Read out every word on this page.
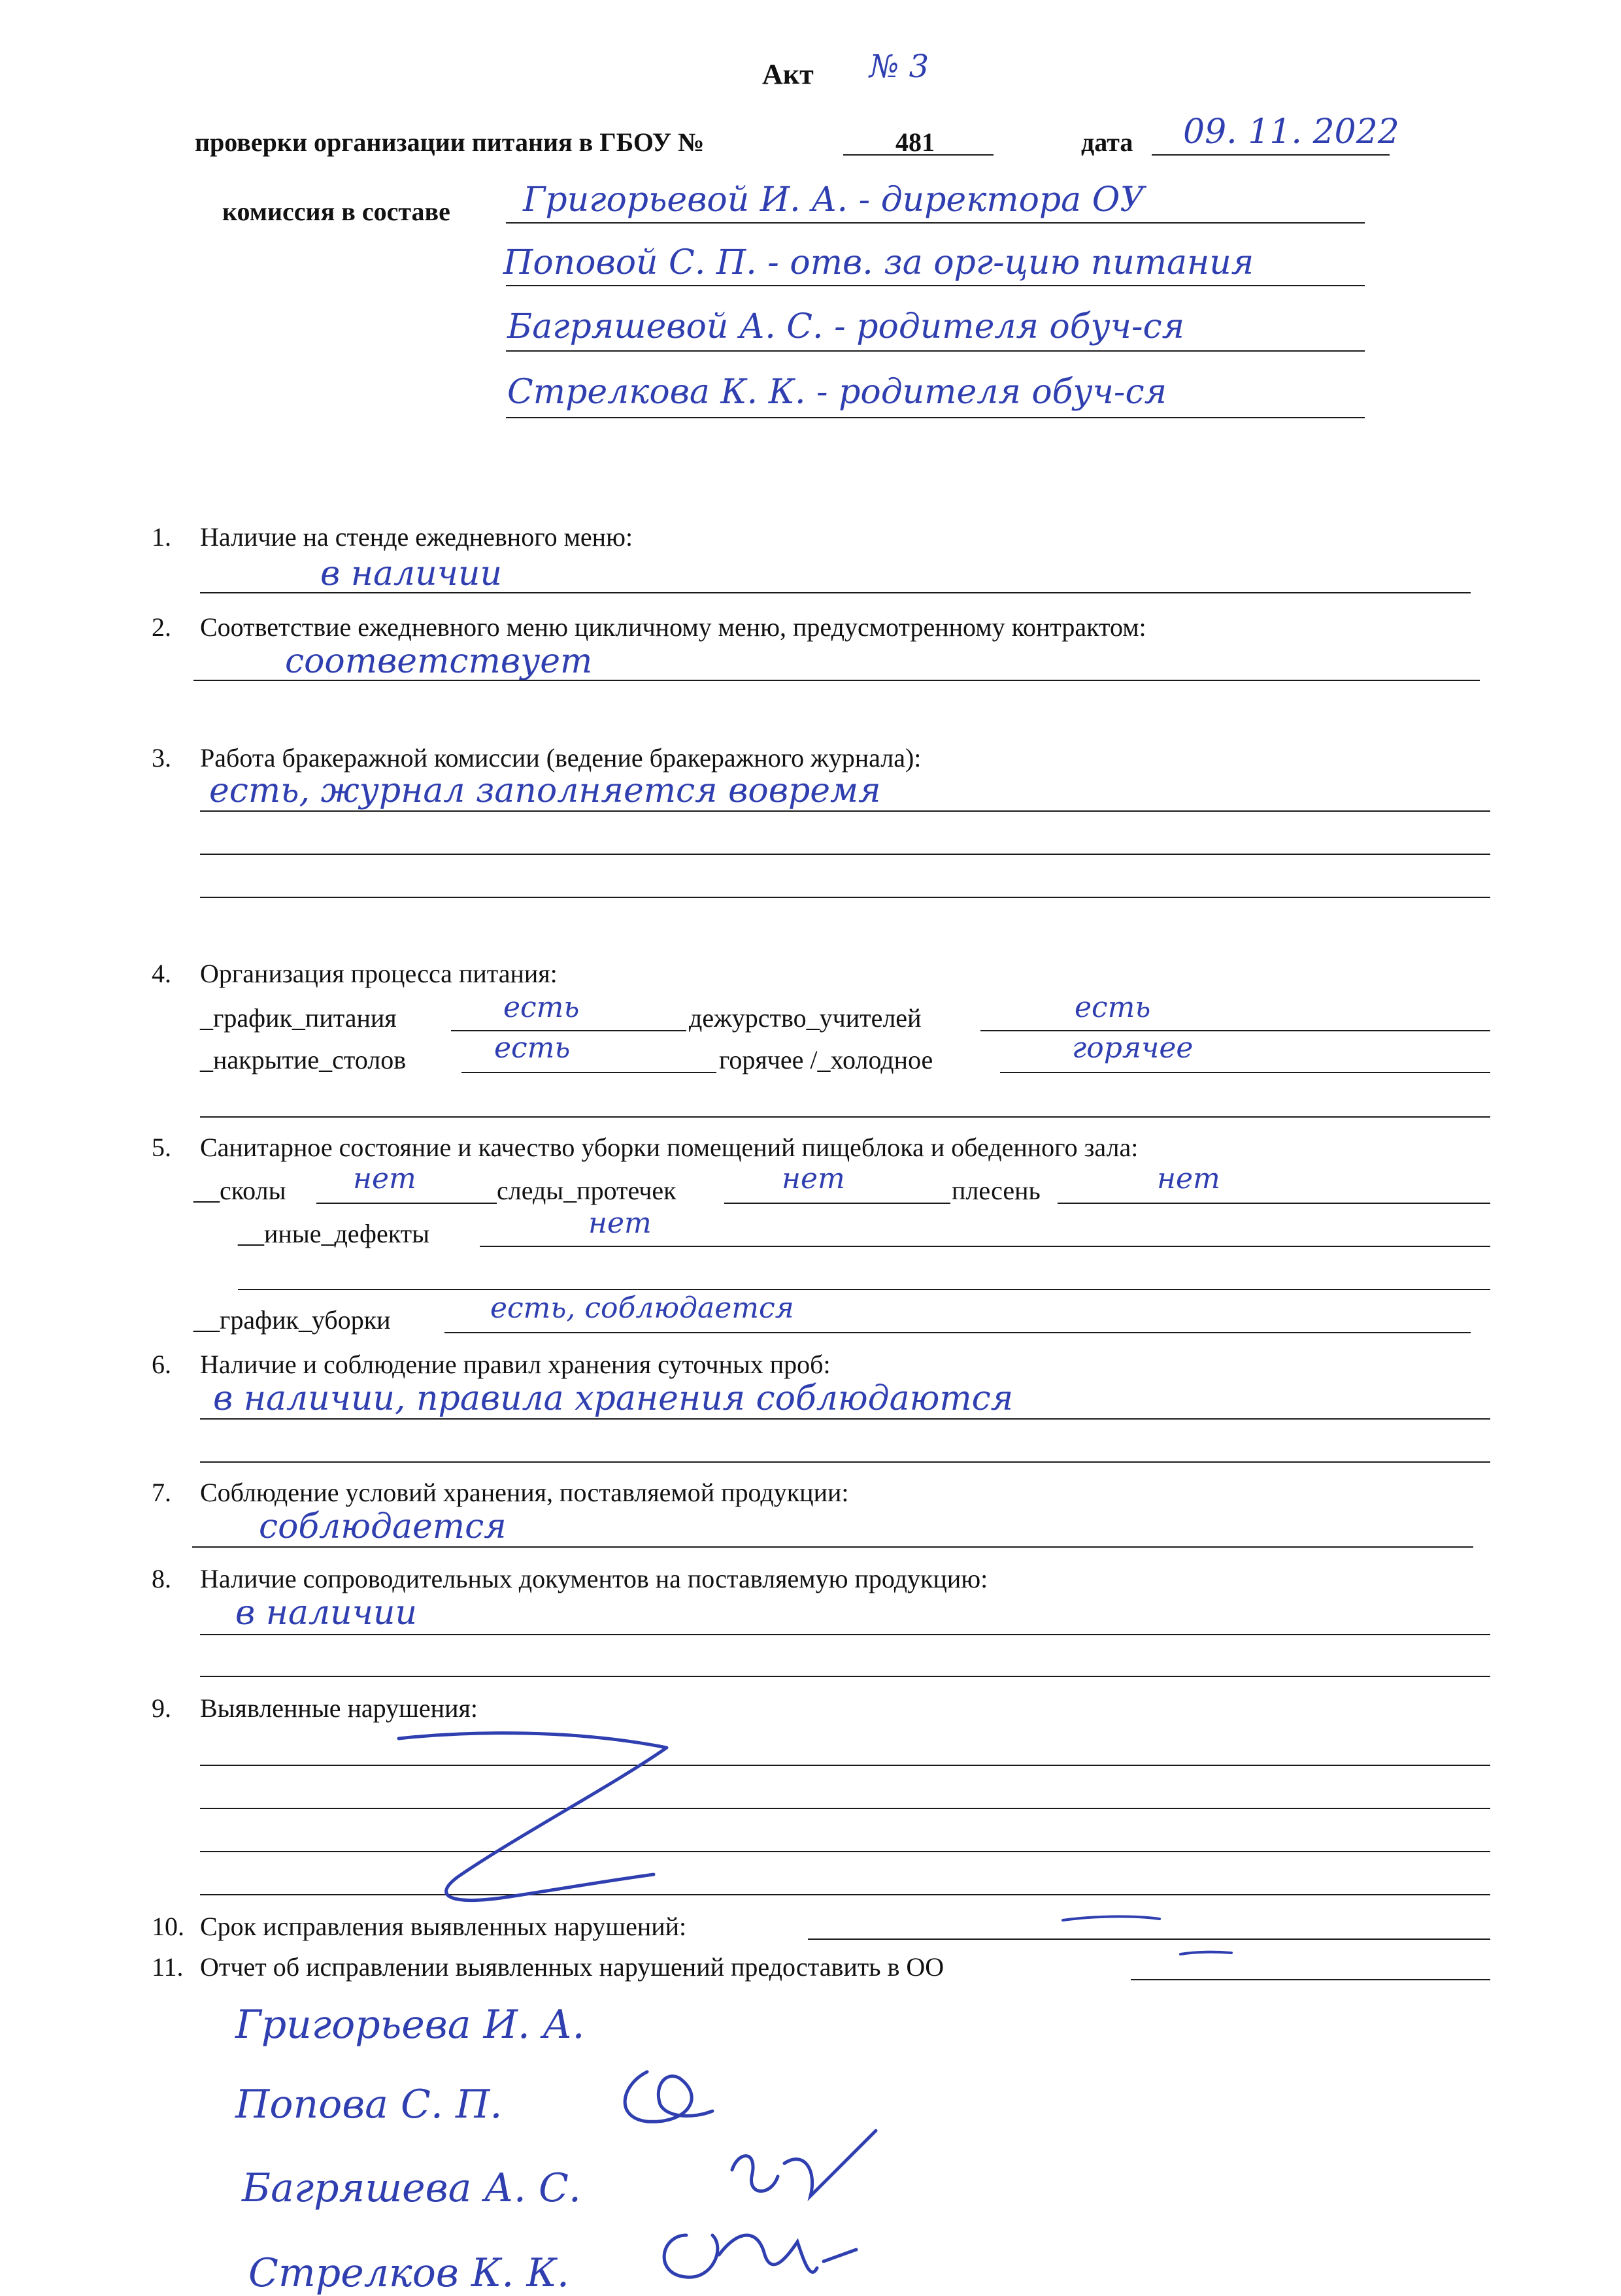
Акт № 3
проверки организации питания в ГБОУ №	481	дата 09. 11. 2022
комиссия в составе Григорьевой И. А. - директора ОУ
Поповой С. П. - отв. за орг-цию питания
Багряшевой А. С. - родителя обуч-ся
Стрелкова К. К. - родителя обуч-ся
1. Наличие на стенде ежедневного меню:
в наличии
2. Соответствие ежедневного меню цикличному меню, предусмотренному контрактом:
соответствует
3. Работа бракеражной комиссии (ведение бракеражного журнала):
есть, журнал заполняется вовремя
4. Организация процесса питания:
_график_питания	есть	дежурство_учителей	есть
_накрытие_столов	есть	горячее /_холодное	горячее
5. Санитарное состояние и качество уборки помещений пищеблока и обеденного зала:
__сколы нет	следы_протечек	нет	плесень	нет
__иные_дефекты	нет
__график_уборки	есть, соблюдается
6. Наличие и соблюдение правил хранения суточных проб:
в наличии, правила хранения соблюдаются
7. Соблюдение условий хранения, поставляемой продукции:
соблюдается
8. Наличие сопроводительных документов на поставляемую продукцию:
в наличии
9. Выявленные нарушения:
10. Срок исправления выявленных нарушений:
11. Отчет об исправлении выявленных нарушений предоставить в ОО
Григорьева И. А.
Попова С. П.
Багряшева А. С.
Стрелков К. К.
